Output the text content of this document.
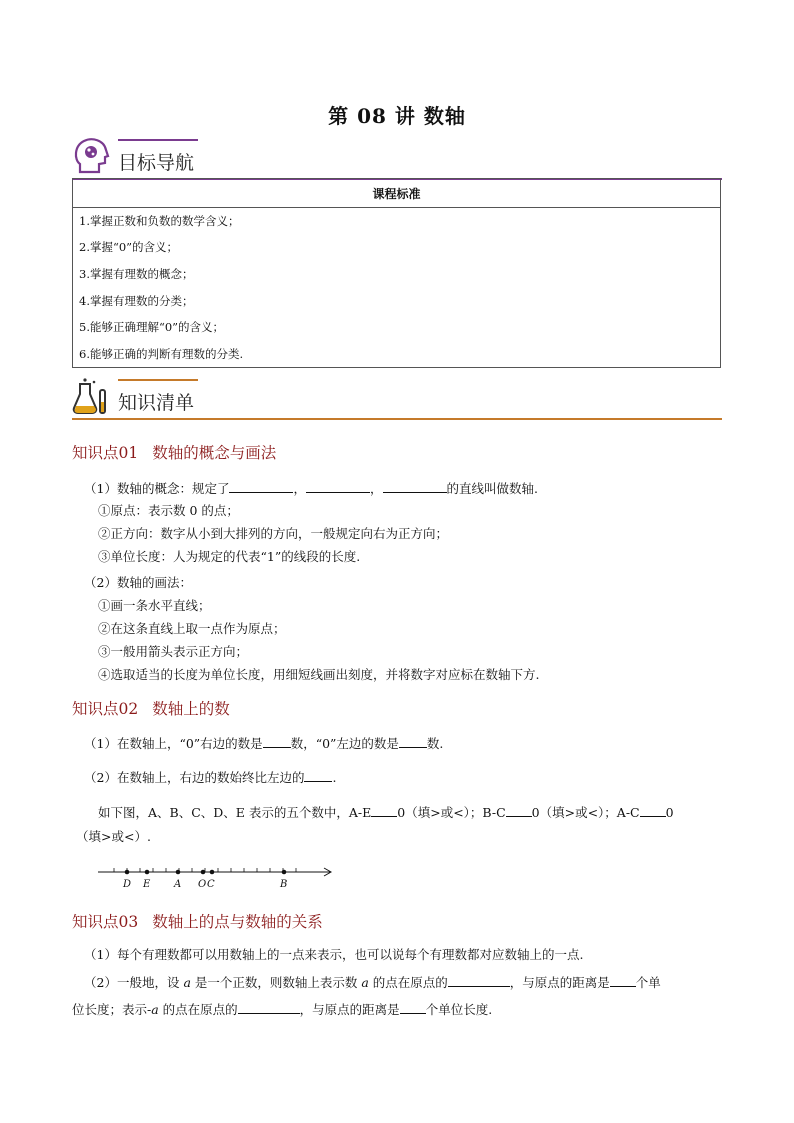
第 08 讲 数轴
目标导航
课程标准
1.掌握正数和负数的数学含义；
2.掌握“0”的含义；
3.掌握有理数的概念；
4.掌握有理数的分类；
5.能够正确理解“0”的含义；
6.能够正确的判断有理数的分类.
知识清单
知识点01 数轴的概念与画法
（1）数轴的概念：规定了	，	，	的直线叫做数轴.
①原点：表示数 0 的点；
②正方向：数字从小到大排列的方向，一般规定向右为正方向；
③单位长度：人为规定的代表“1”的线段的长度.
（2）数轴的画法：
①画一条水平直线；
②在这条直线上取一点作为原点；
③一般用箭头表示正方向；
④选取适当的长度为单位长度，用细短线画出刻度，并将数字对应标在数轴下方.
知识点02 数轴上的数
（1）在数轴上，“0”右边的数是 数，“0”左边的数是 数.
（2）在数轴上，右边的数始终比左边的 .
如下图，A、B、C、D、E 表示的五个数中，A-E 0（填>或<）；B-C 0（填>或<）；A-C 0
（填>或<）.
D E A O C	B
知识点03 数轴上的点与数轴的关系
（1）每个有理数都可以用数轴上的一点来表示，也可以说每个有理数都对应数轴上的一点.
（2）一般地，设 a 是一个正数，则数轴上表示数 a 的点在原点的	，与原点的距离是 个单
位长度；表示-a 的点在原点的	，与原点的距离是 个单位长度.
